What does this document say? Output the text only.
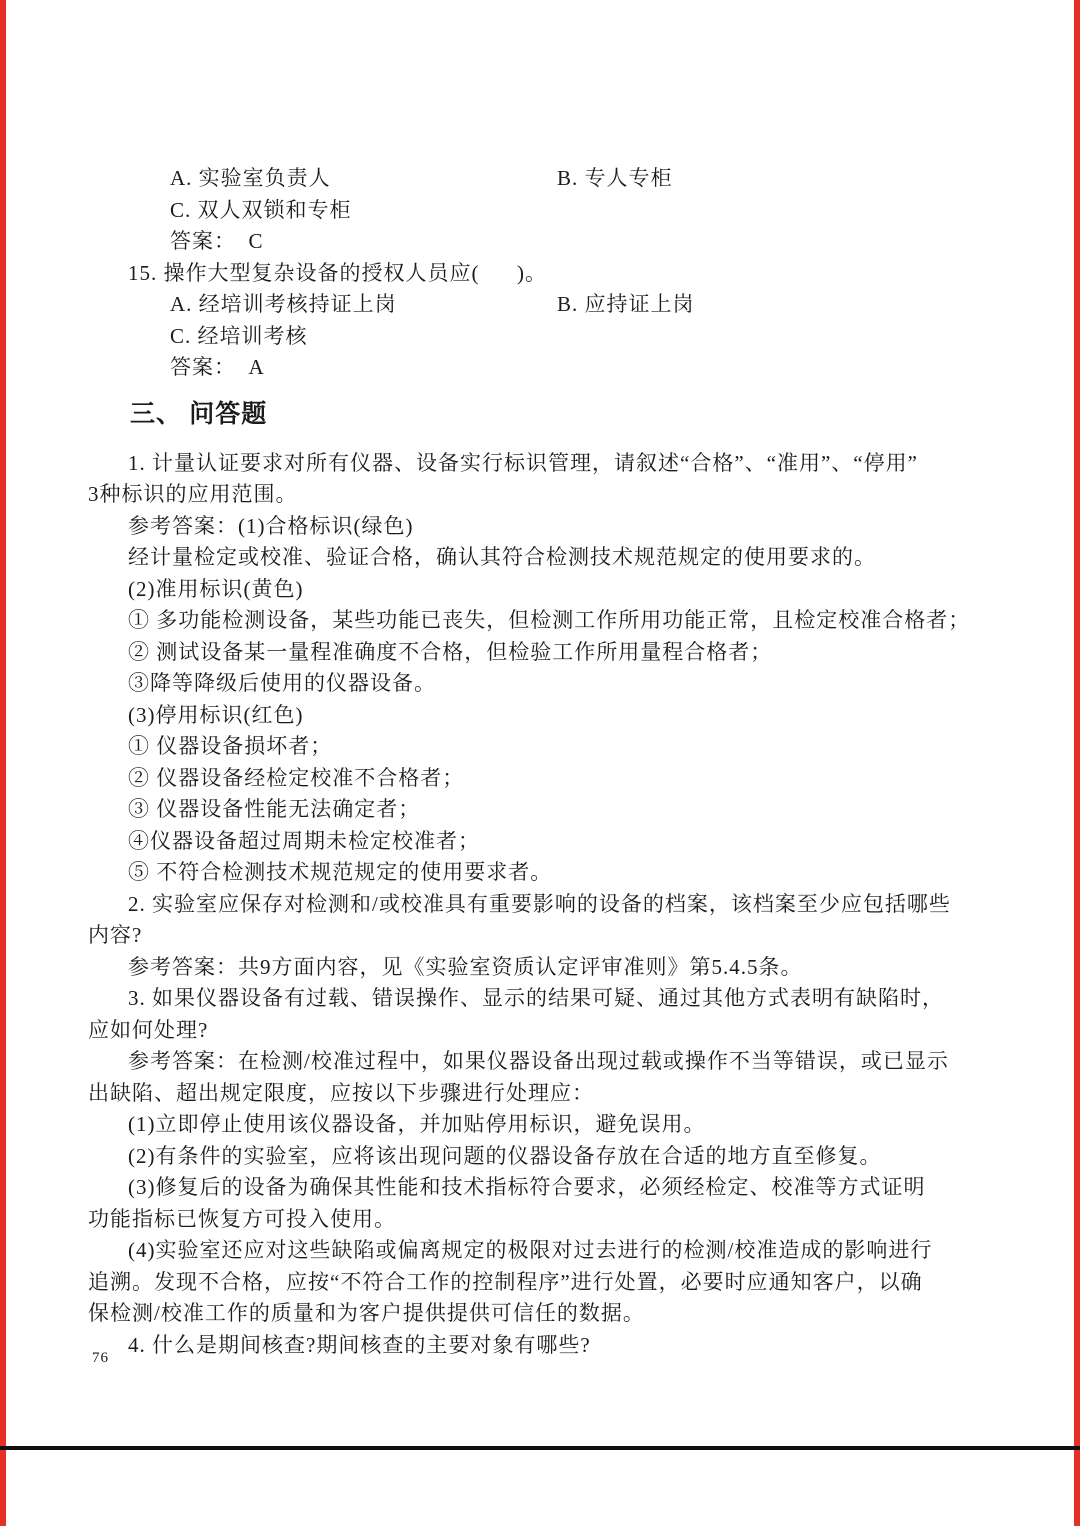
A. 实验室负责人	B. 专人专柜
C. 双人双锁和专柜
答案：  C
15. 操作大型复杂设备的授权人员应(      )。
A. 经培训考核持证上岗	B. 应持证上岗
C. 经培训考核
答案：  A
三、 问答题
1. 计量认证要求对所有仪器、设备实行标识管理，请叙述“合格”、“准用”、“停用”
3种标识的应用范围。
参考答案：(1)合格标识(绿色)
经计量检定或校准、验证合格，确认其符合检测技术规范规定的使用要求的。
(2)准用标识(黄色)
① 多功能检测设备，某些功能已丧失，但检测工作所用功能正常，且检定校准合格者；
② 测试设备某一量程准确度不合格，但检验工作所用量程合格者；
③降等降级后使用的仪器设备。
(3)停用标识(红色)
① 仪器设备损坏者；
② 仪器设备经检定校准不合格者；
③ 仪器设备性能无法确定者；
④仪器设备超过周期未检定校准者；
⑤ 不符合检测技术规范规定的使用要求者。
2. 实验室应保存对检测和/或校准具有重要影响的设备的档案，该档案至少应包括哪些
内容?
参考答案：共9方面内容，见《实验室资质认定评审准则》第5.4.5条。
3. 如果仪器设备有过载、错误操作、显示的结果可疑、通过其他方式表明有缺陷时，
应如何处理?
参考答案：在检测/校准过程中，如果仪器设备出现过载或操作不当等错误，或已显示
出缺陷、超出规定限度，应按以下步骤进行处理应：
(1)立即停止使用该仪器设备，并加贴停用标识，避免误用。
(2)有条件的实验室，应将该出现问题的仪器设备存放在合适的地方直至修复。
(3)修复后的设备为确保其性能和技术指标符合要求，必须经检定、校准等方式证明
功能指标已恢复方可投入使用。
(4)实验室还应对这些缺陷或偏离规定的极限对过去进行的检测/校准造成的影响进行
追溯。发现不合格，应按“不符合工作的控制程序”进行处置，必要时应通知客户，以确
保检测/校准工作的质量和为客户提供提供可信任的数据。
4. 什么是期间核查?期间核查的主要对象有哪些?
76
